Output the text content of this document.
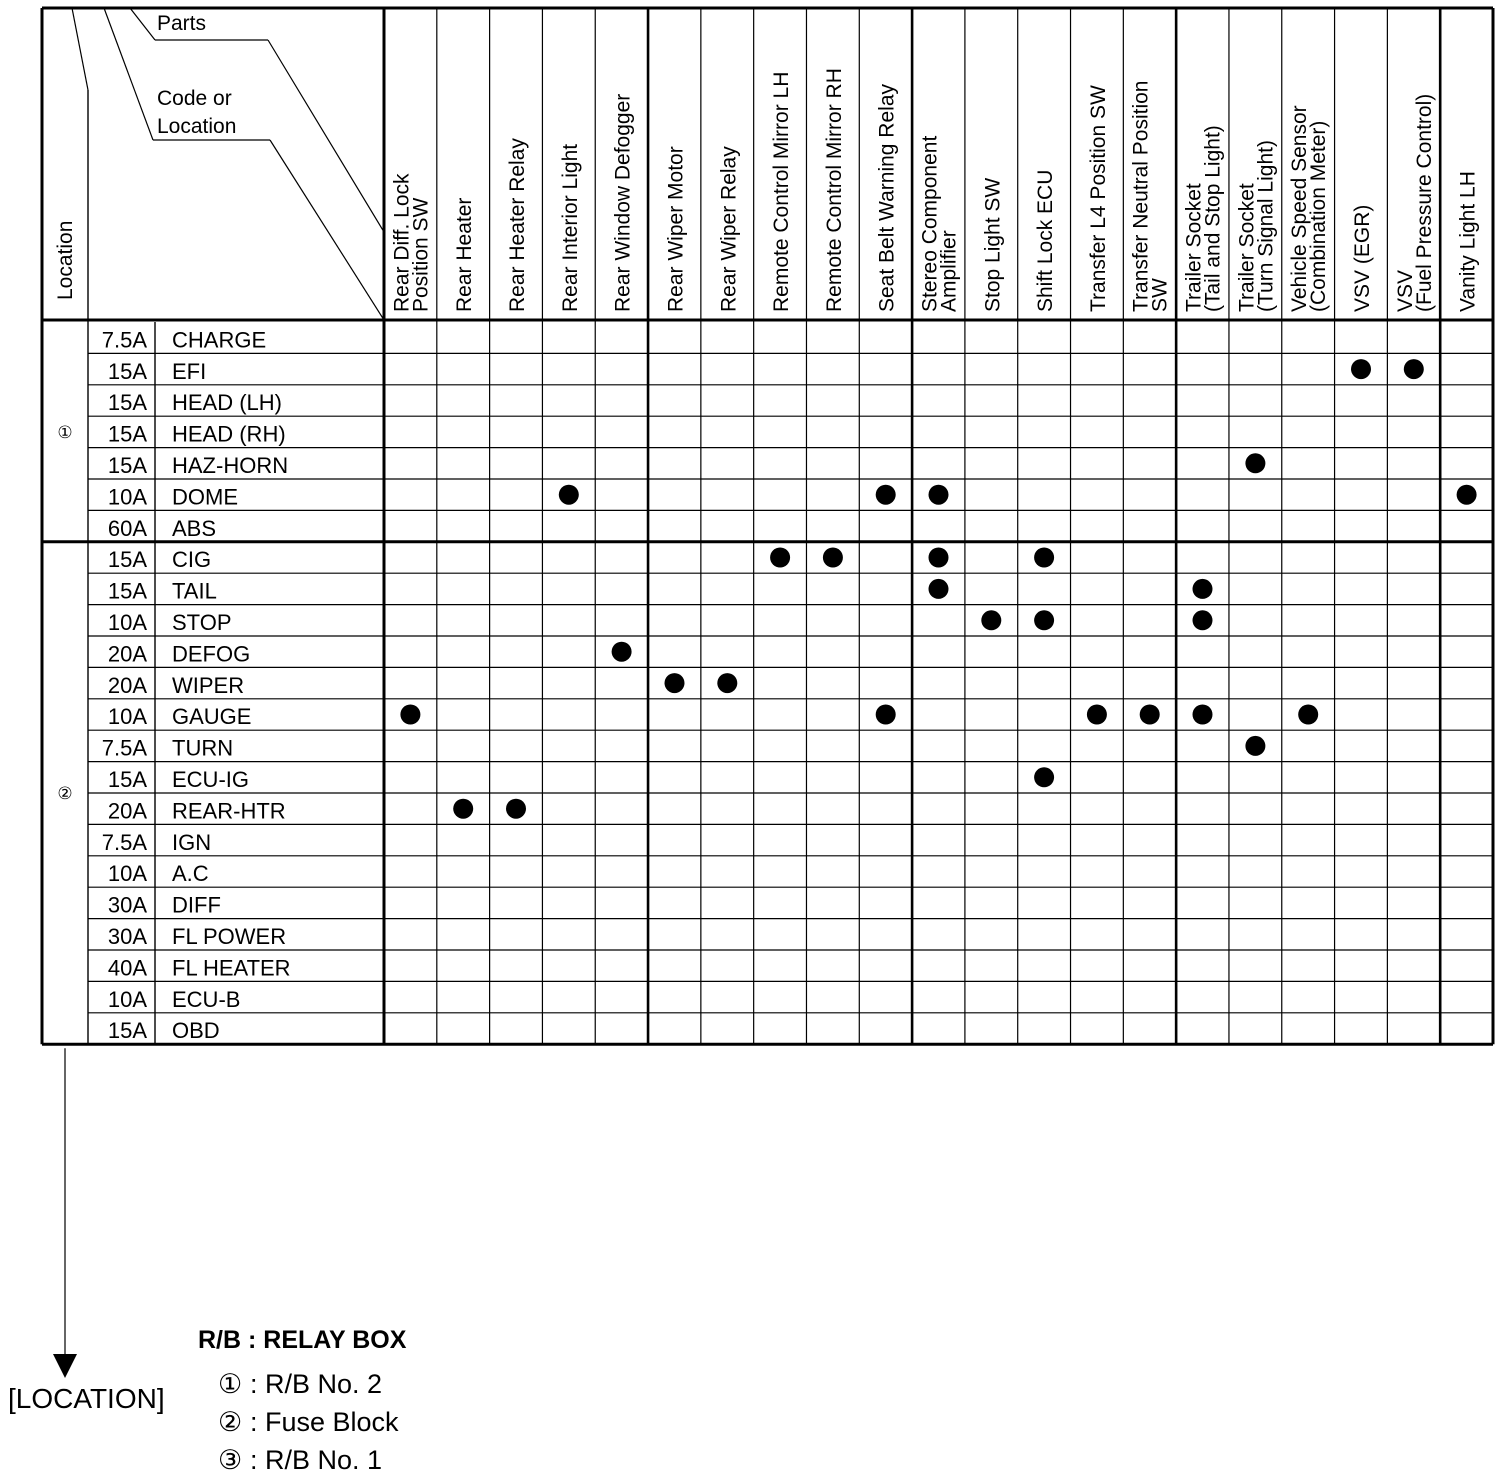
Parts
Code or
Location
Location	Rear Diff. Lock
Position SW Rear Heater Rear Heater Relay Rear Interior Light Rear Window Defogger Rear Wiper Motor Rear Wiper Relay Remote Control Mirror LH Remote Control Mirror RH Seat Belt Warning Relay Stereo Component
Amplifier Stop Light SW Shift Lock ECU Transfer L4 Position SW Transfer Neutral Position
SW Trailer Socket
(Tail and Stop Light) Trailer Socket
(Turn Signal Light) Vehicle Speed Sensor
(Combination Meter) VSV (EGR) VSV
(Fuel Pressure Control) Vanity Light LH
7.5A CHARGE
15A EFI
15A HEAD (LH)
15A HEAD (RH)
15A HAZ-HORN
10A DOME
60A ABS
15A CIG
15A TAIL
10A STOP
20A DEFOG
20A WIPER
10A GAUGE
7.5A TURN
15A ECU-IG
20A REAR-HTR
7.5A IGN
10A A.C
30A DIFF
30A FL POWER
40A FL HEATER
10A ECU-B
15A OBD
①
②
R/B : RELAY BOX
[LOCATION] ① : R/B No. 2
② : Fuse Block
③ : R/B No. 1
